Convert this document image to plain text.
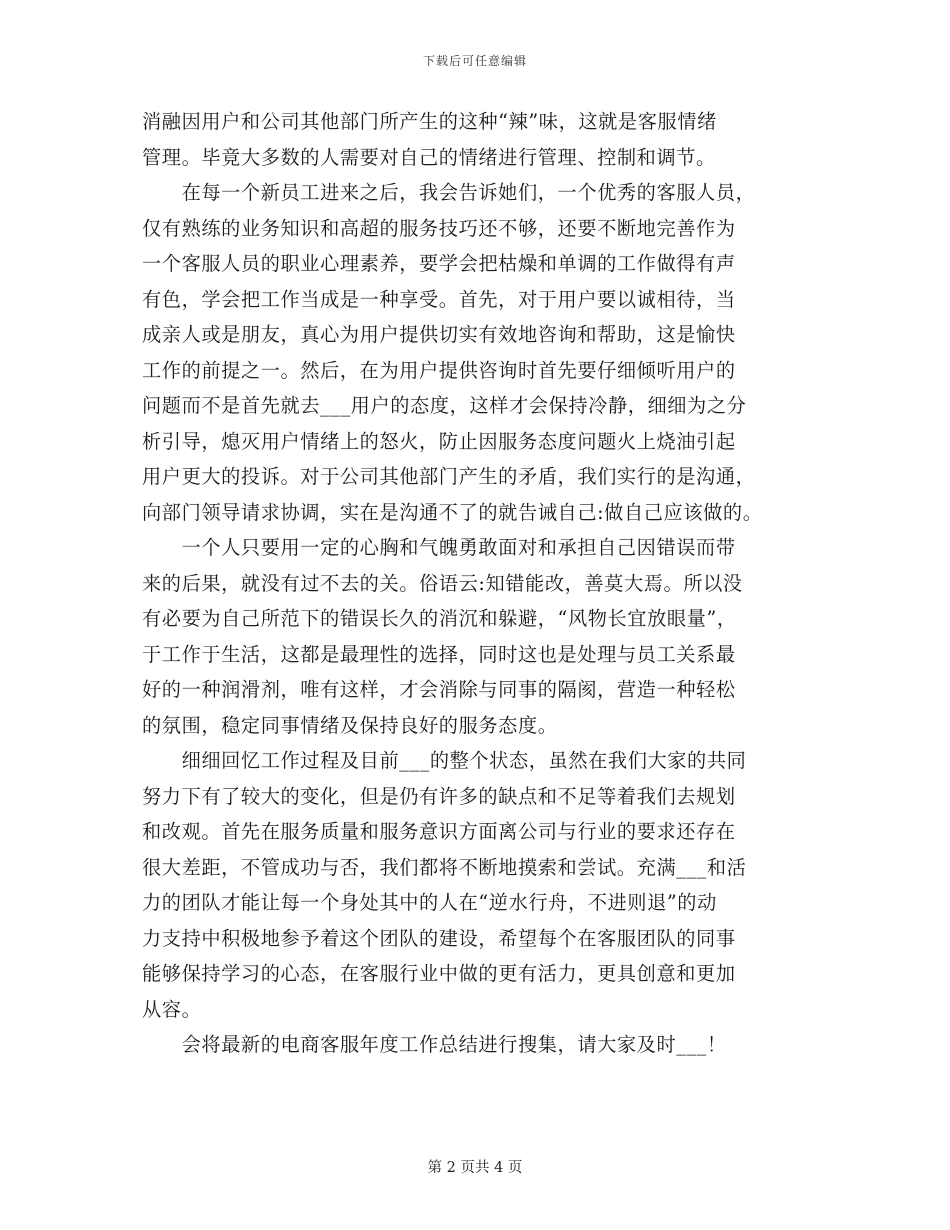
下载后可任意编辑
消融因用户和公司其他部门所产生的这种“辣”味，这就是客服情绪
管理。毕竟大多数的人需要对自己的情绪进行管理、控制和调节。
　　在每一个新员工进来之后，我会告诉她们，一个优秀的客服人员，
仅有熟练的业务知识和高超的服务技巧还不够，还要不断地完善作为
一个客服人员的职业心理素养，要学会把枯燥和单调的工作做得有声
有色，学会把工作当成是一种享受。首先，对于用户要以诚相待，当
成亲人或是朋友，真心为用户提供切实有效地咨询和帮助，这是愉快
工作的前提之一。然后，在为用户提供咨询时首先要仔细倾听用户的
问题而不是首先就去___用户的态度，这样才会保持冷静，细细为之分
析引导，熄灭用户情绪上的怒火，防止因服务态度问题火上烧油引起
用户更大的投诉。对于公司其他部门产生的矛盾，我们实行的是沟通，
向部门领导请求协调，实在是沟通不了的就告诫自己:做自己应该做的。
　　一个人只要用一定的心胸和气魄勇敢面对和承担自己因错误而带
来的后果，就没有过不去的关。俗语云:知错能改，善莫大焉。所以没
有必要为自己所范下的错误长久的消沉和躲避，“风物长宜放眼量”，
于工作于生活，这都是最理性的选择，同时这也是处理与员工关系最
好的一种润滑剂，唯有这样，才会消除与同事的隔阂，营造一种轻松
的氛围，稳定同事情绪及保持良好的服务态度。
　　细细回忆工作过程及目前___的整个状态，虽然在我们大家的共同
努力下有了较大的变化，但是仍有许多的缺点和不足等着我们去规划
和改观。首先在服务质量和服务意识方面离公司与行业的要求还存在
很大差距，不管成功与否，我们都将不断地摸索和尝试。充满___和活
力的团队才能让每一个身处其中的人在“逆水行舟，不进则退”的动
力支持中积极地参予着这个团队的建设，希望每个在客服团队的同事
能够保持学习的心态，在客服行业中做的更有活力，更具创意和更加
从容。
　　会将最新的电商客服年度工作总结进行搜集，请大家及时___！
第 2 页共 4 页
